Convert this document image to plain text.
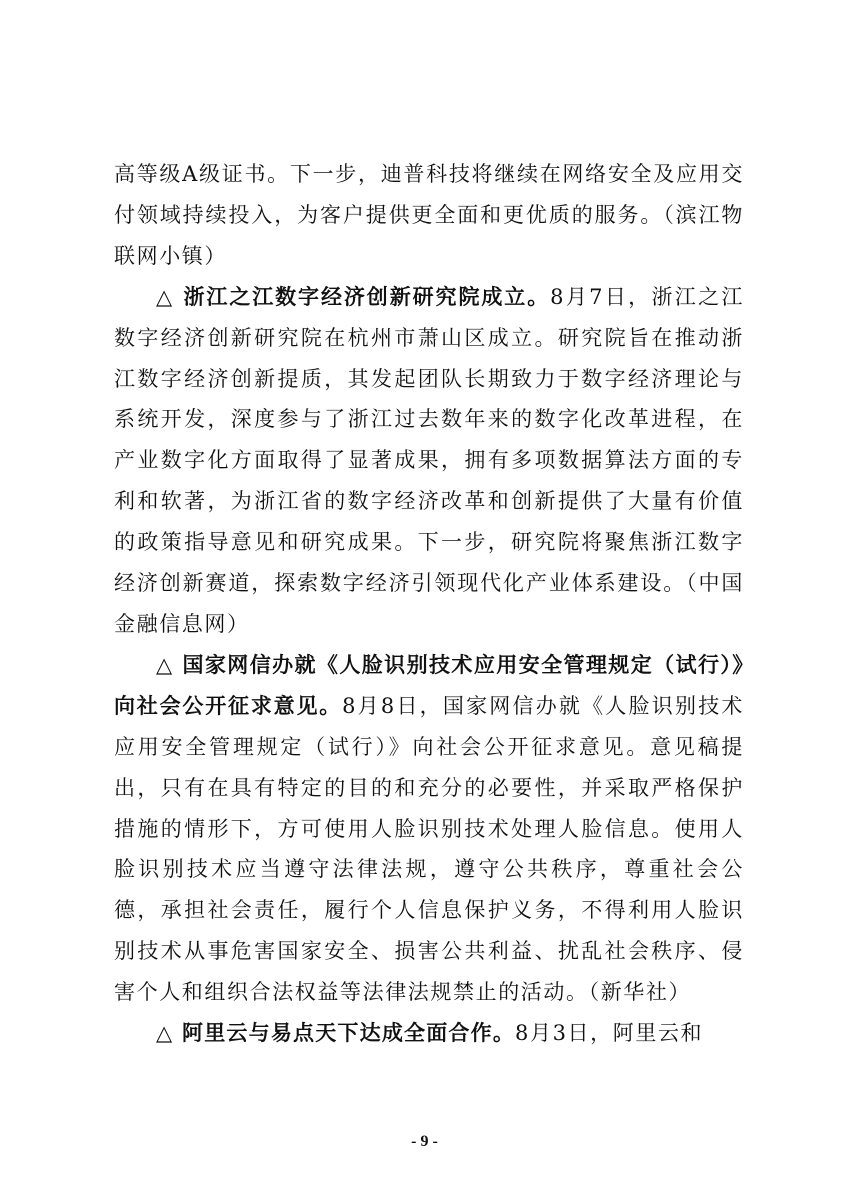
高等级A级证书。下一步，迪普科技将继续在网络安全及应用交付领域持续投入，为客户提供更全面和更优质的服务。（滨江物联网小镇）

△ 浙江之江数字经济创新研究院成立。8月7日，浙江之江数字经济创新研究院在杭州市萧山区成立。研究院旨在推动浙江数字经济创新提质，其发起团队长期致力于数字经济理论与系统开发，深度参与了浙江过去数年来的数字化改革进程，在产业数字化方面取得了显著成果，拥有多项数据算法方面的专利和软著，为浙江省的数字经济改革和创新提供了大量有价值的政策指导意见和研究成果。下一步，研究院将聚焦浙江数字经济创新赛道，探索数字经济引领现代化产业体系建设。（中国金融信息网）

△ 国家网信办就《人脸识别技术应用安全管理规定（试行）》向社会公开征求意见。8月8日，国家网信办就《人脸识别技术应用安全管理规定（试行）》向社会公开征求意见。意见稿提出，只有在具有特定的目的和充分的必要性，并采取严格保护措施的情形下，方可使用人脸识别技术处理人脸信息。使用人脸识别技术应当遵守法律法规，遵守公共秩序，尊重社会公德，承担社会责任，履行个人信息保护义务，不得利用人脸识别技术从事危害国家安全、损害公共利益、扰乱社会秩序、侵害个人和组织合法权益等法律法规禁止的活动。（新华社）

△ 阿里云与易点天下达成全面合作。8月3日，阿里云和

- 9 -
